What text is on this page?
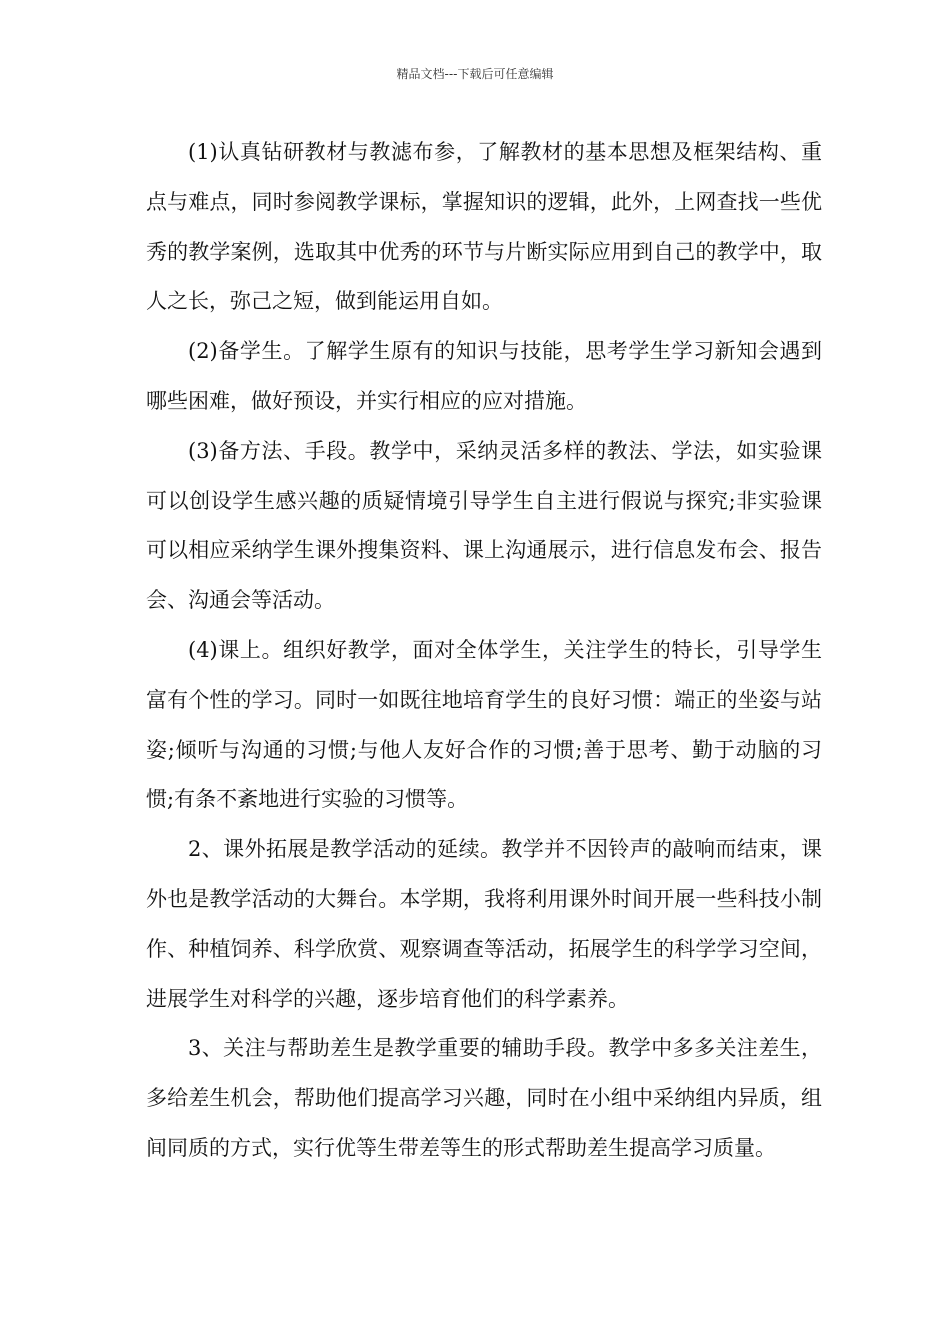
精品文档---下载后可任意编辑

(1)认真钻研教材与教滤布参，了解教材的基本思想及框架结构、重点与难点，同时参阅教学课标，掌握知识的逻辑，此外，上网查找一些优秀的教学案例，选取其中优秀的环节与片断实际应用到自己的教学中，取人之长，弥己之短，做到能运用自如。

(2)备学生。了解学生原有的知识与技能，思考学生学习新知会遇到哪些困难，做好预设，并实行相应的应对措施。

(3)备方法、手段。教学中，采纳灵活多样的教法、学法，如实验课可以创设学生感兴趣的质疑情境引导学生自主进行假说与探究;非实验课可以相应采纳学生课外搜集资料、课上沟通展示，进行信息发布会、报告会、沟通会等活动。

(4)课上。组织好教学，面对全体学生，关注学生的特长，引导学生富有个性的学习。同时一如既往地培育学生的良好习惯：端正的坐姿与站姿;倾听与沟通的习惯;与他人友好合作的习惯;善于思考、勤于动脑的习惯;有条不紊地进行实验的习惯等。

2、课外拓展是教学活动的延续。教学并不因铃声的敲响而结束，课外也是教学活动的大舞台。本学期，我将利用课外时间开展一些科技小制作、种植饲养、科学欣赏、观察调查等活动，拓展学生的科学学习空间，进展学生对科学的兴趣，逐步培育他们的科学素养。

3、关注与帮助差生是教学重要的辅助手段。教学中多多关注差生，多给差生机会，帮助他们提高学习兴趣，同时在小组中采纳组内异质，组间同质的方式，实行优等生带差等生的形式帮助差生提高学习质量。
